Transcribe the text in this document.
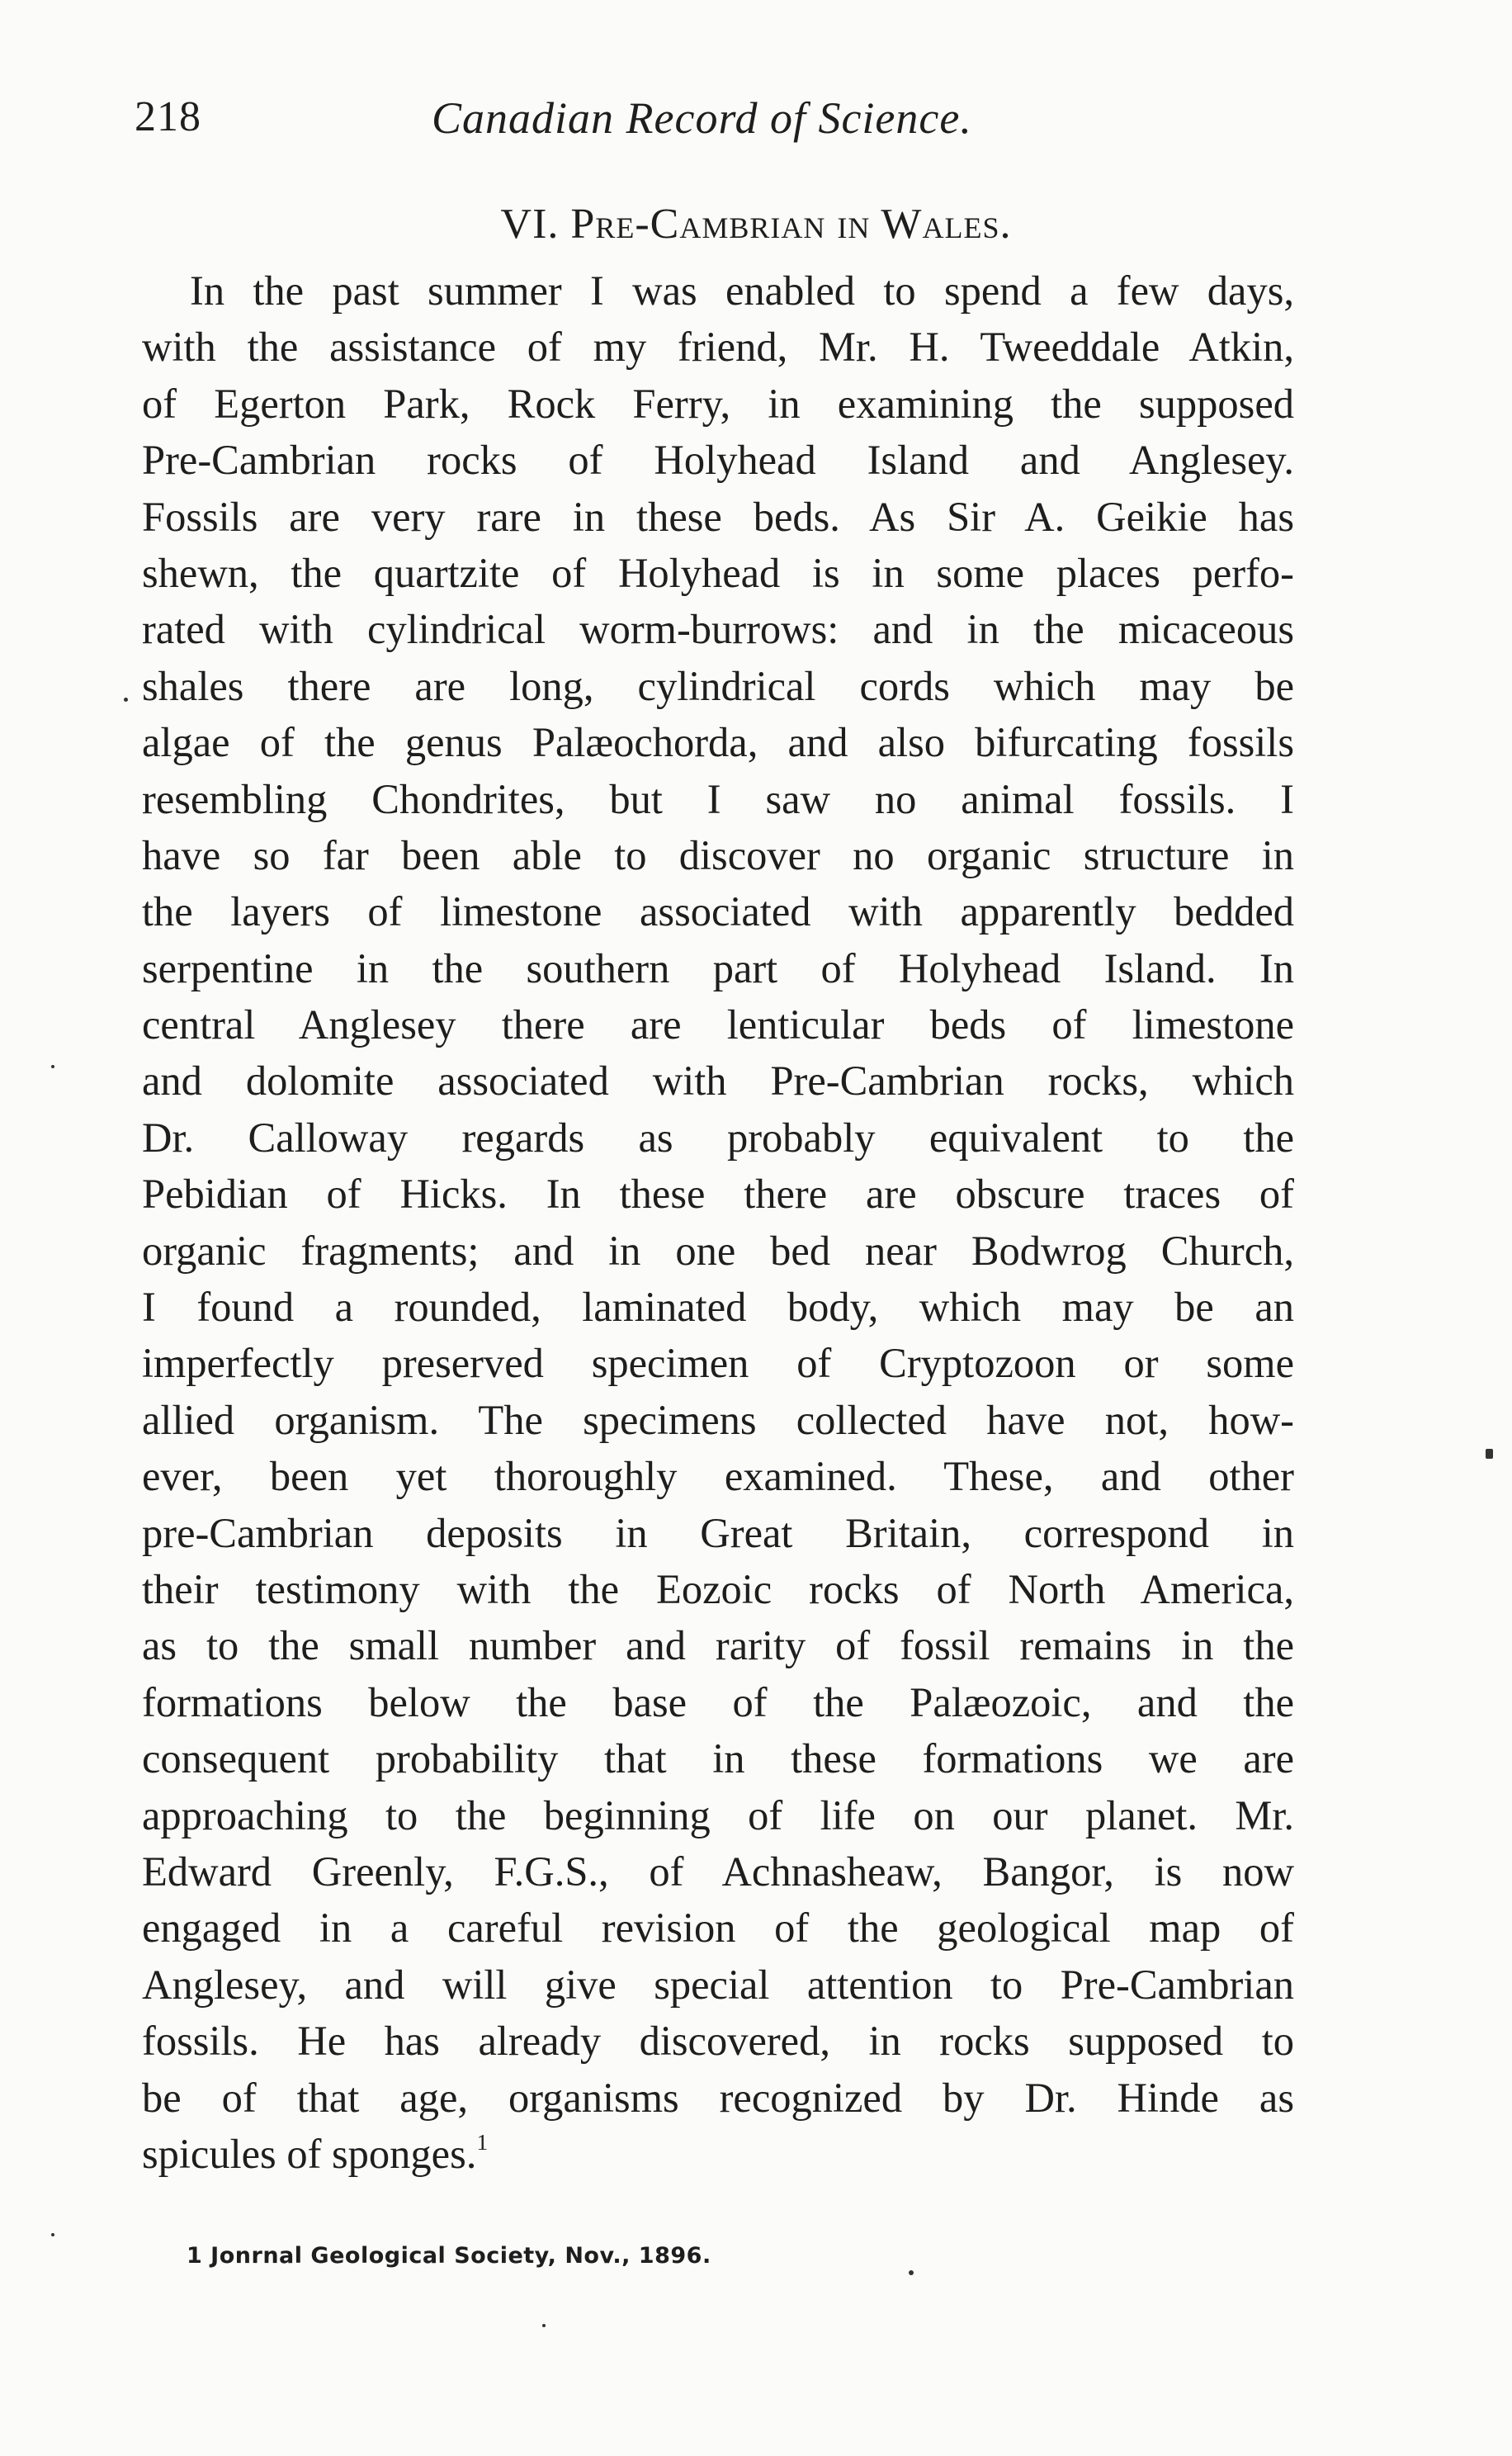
218	Canadian Record of Science.
VI. Pre-Cambrian in Wales.
In the past summer I was enabled to spend a few days,
with the assistance of my friend, Mr. H. Tweeddale Atkin,
of Egerton Park, Rock Ferry, in examining the supposed
Pre-Cambrian rocks of Holyhead Island and Anglesey.
Fossils are very rare in these beds. As Sir A. Geikie has
shewn, the quartzite of Holyhead is in some places perfo-
rated with cylindrical worm-burrows: and in the micaceous
shales there are long, cylindrical cords which may be
algae of the genus Palæochorda, and also bifurcating fossils
resembling Chondrites, but I saw no animal fossils. I
have so far been able to discover no organic structure in
the layers of limestone associated with apparently bedded
serpentine in the southern part of Holyhead Island. In
central Anglesey there are lenticular beds of limestone
and dolomite associated with Pre-Cambrian rocks, which
Dr. Calloway regards as probably equivalent to the
Pebidian of Hicks. In these there are obscure traces of
organic fragments; and in one bed near Bodwrog Church,
I found a rounded, laminated body, which may be an
imperfectly preserved specimen of Cryptozoon or some
allied organism. The specimens collected have not, how-
ever, been yet thoroughly examined. These, and other
pre-Cambrian deposits in Great Britain, correspond in
their testimony with the Eozoic rocks of North America,
as to the small number and rarity of fossil remains in the
formations below the base of the Palæozoic, and the
consequent probability that in these formations we are
approaching to the beginning of life on our planet. Mr.
Edward Greenly, F.G.S., of Achnasheaw, Bangor, is now
engaged in a careful revision of the geological map of
Anglesey, and will give special attention to Pre-Cambrian
fossils. He has already discovered, in rocks supposed to
be of that age, organisms recognized by Dr. Hinde as
spicules of sponges.$^1$
1 Jonrnal Geological Society, Nov., 1896.
